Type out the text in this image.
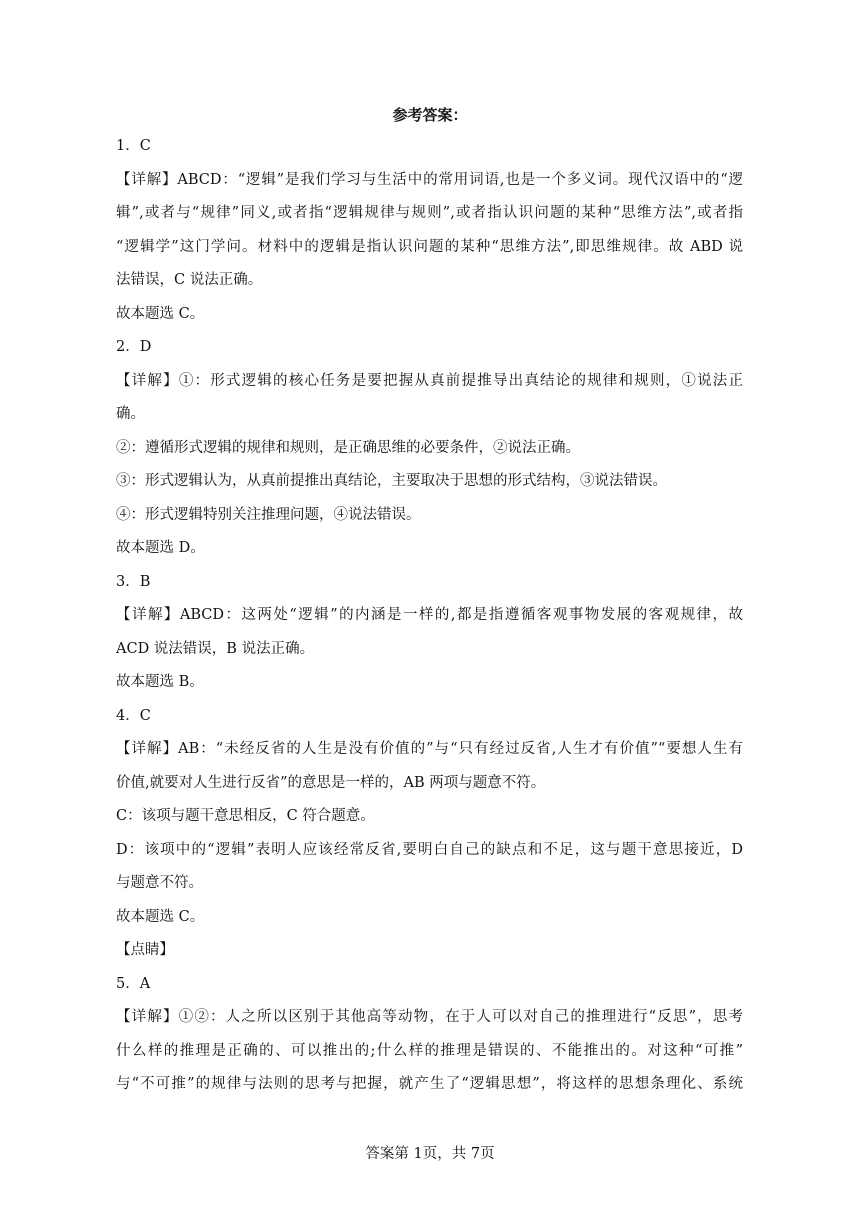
参考答案：
1．C
【详解】ABCD：“逻辑”是我们学习与生活中的常用词语,也是一个多义词。现代汉语中的“逻
辑”,或者与“规律”同义,或者指“逻辑规律与规则”,或者指认识问题的某种“思维方法”,或者指
“逻辑学”这门学问。材料中的逻辑是指认识问题的某种“思维方法”,即思维规律。故 ABD 说
法错误，C 说法正确。
故本题选 C。
2．D
【详解】①：形式逻辑的核心任务是要把握从真前提推导出真结论的规律和规则，①说法正
确。
②：遵循形式逻辑的规律和规则，是正确思维的必要条件，②说法正确。
③：形式逻辑认为，从真前提推出真结论，主要取决于思想的形式结构，③说法错误。
④：形式逻辑特别关注推理问题，④说法错误。
故本题选 D。
3．B
【详解】ABCD：这两处“逻辑”的内涵是一样的,都是指遵循客观事物发展的客观规律，故
ACD 说法错误，B 说法正确。
故本题选 B。
4．C
【详解】AB：“未经反省的人生是没有价值的”与“只有经过反省,人生才有价值”“要想人生有
价值,就要对人生进行反省”的意思是一样的，AB 两项与题意不符。
C：该项与题干意思相反，C 符合题意。
D：该项中的“逻辑”表明人应该经常反省,要明白自己的缺点和不足，这与题干意思接近，D
与题意不符。
故本题选 C。
【点睛】
5．A
【详解】①②：人之所以区别于其他高等动物，在于人可以对自己的推理进行“反思”，思考
什么样的推理是正确的、可以推出的;什么样的推理是错误的、不能推出的。对这种“可推”
与“不可推”的规律与法则的思考与把握，就产生了“逻辑思想”，将这样的思想条理化、系统
答案第 1页，共 7页
